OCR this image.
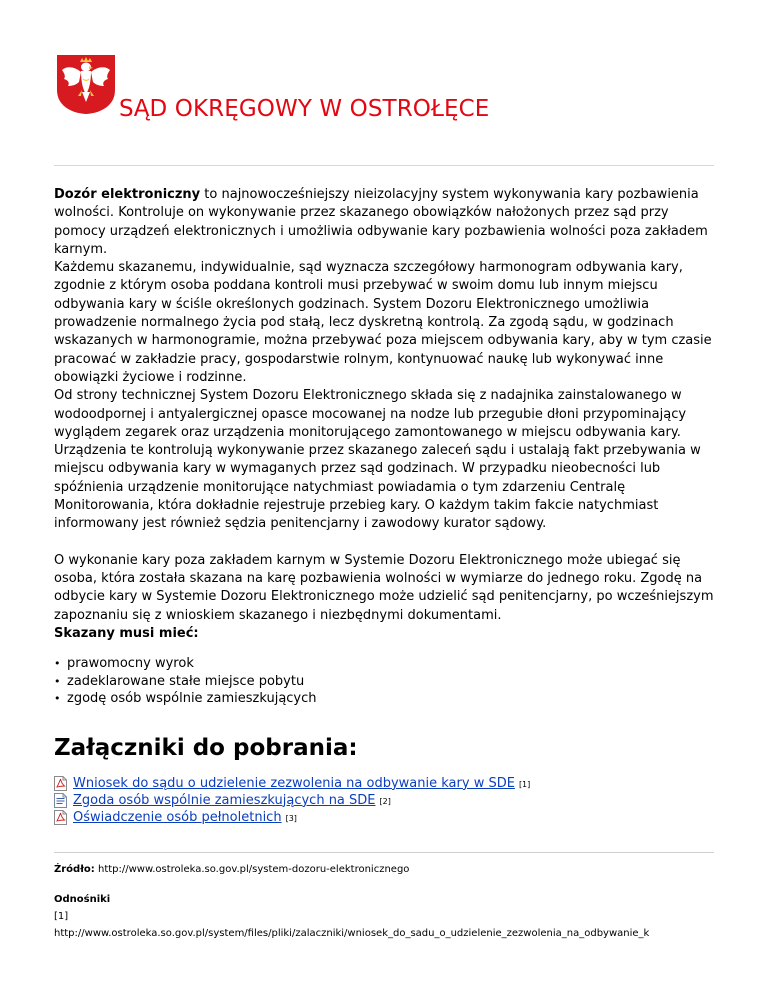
SĄD OKRĘGOWY W OSTROŁĘCE

Dozór elektroniczny to najnowocześniejszy nieizolacyjny system wykonywania kary pozbawienia wolności. Kontroluje on wykonywanie przez skazanego obowiązków nałożonych przez sąd przy pomocy urządzeń elektronicznych i umożliwia odbywanie kary pozbawienia wolności poza zakładem karnym.

Każdemu skazanemu, indywidualnie, sąd wyznacza szczegółowy harmonogram odbywania kary, zgodnie z którym osoba poddana kontroli musi przebywać w swoim domu lub innym miejscu odbywania kary w ściśle określonych godzinach. System Dozoru Elektronicznego umożliwia prowadzenie normalnego życia pod stałą, lecz dyskretną kontrolą. Za zgodą sądu, w godzinach wskazanych w harmonogramie, można przebywać poza miejscem odbywania kary, aby w tym czasie pracować w zakładzie pracy, gospodarstwie rolnym, kontynuować naukę lub wykonywać inne obowiązki życiowe i rodzinne.

Od strony technicznej System Dozoru Elektronicznego składa się z nadajnika zainstalowanego w wodoodpornej i antyalergicznej opasce mocowanej na nodze lub przegubie dłoni przypominający wyglądem zegarek oraz urządzenia monitorującego zamontowanego w miejscu odbywania kary. Urządzenia te kontrolują wykonywanie przez skazanego zaleceń sądu i ustalają fakt przebywania w miejscu odbywania kary w wymaganych przez sąd godzinach. W przypadku nieobecności lub spóźnienia urządzenie monitorujące natychmiast powiadamia o tym zdarzeniu Centralę Monitorowania, która dokładnie rejestruje przebieg kary. O każdym takim fakcie natychmiast informowany jest również sędzia penitencjarny i zawodowy kurator sądowy.

O wykonanie kary poza zakładem karnym w Systemie Dozoru Elektronicznego może ubiegać się osoba, która została skazana na karę pozbawienia wolności w wymiarze do jednego roku. Zgodę na odbycie kary w Systemie Dozoru Elektronicznego może udzielić sąd penitencjarny, po wcześniejszym zapoznaniu się z wnioskiem skazanego i niezbędnymi dokumentami.

Skazany musi mieć:

• prawomocny wyrok
• zadeklarowane stałe miejsce pobytu
• zgodę osób wspólnie zamieszkujących
Załączniki do pobrania:
Wniosek do sądu o udzielenie zezwolenia na odbywanie kary w SDE [1]
Zgoda osób wspólnie zamieszkujących na SDE [2]
Oświadczenie osób pełnoletnich [3]
Źródło: http://www.ostroleka.so.gov.pl/system-dozoru-elektronicznego
Odnośniki
[1]
http://www.ostroleka.so.gov.pl/system/files/pliki/zalaczniki/wniosek_do_sadu_o_udzielenie_zezwolenia_na_odbywanie_k
